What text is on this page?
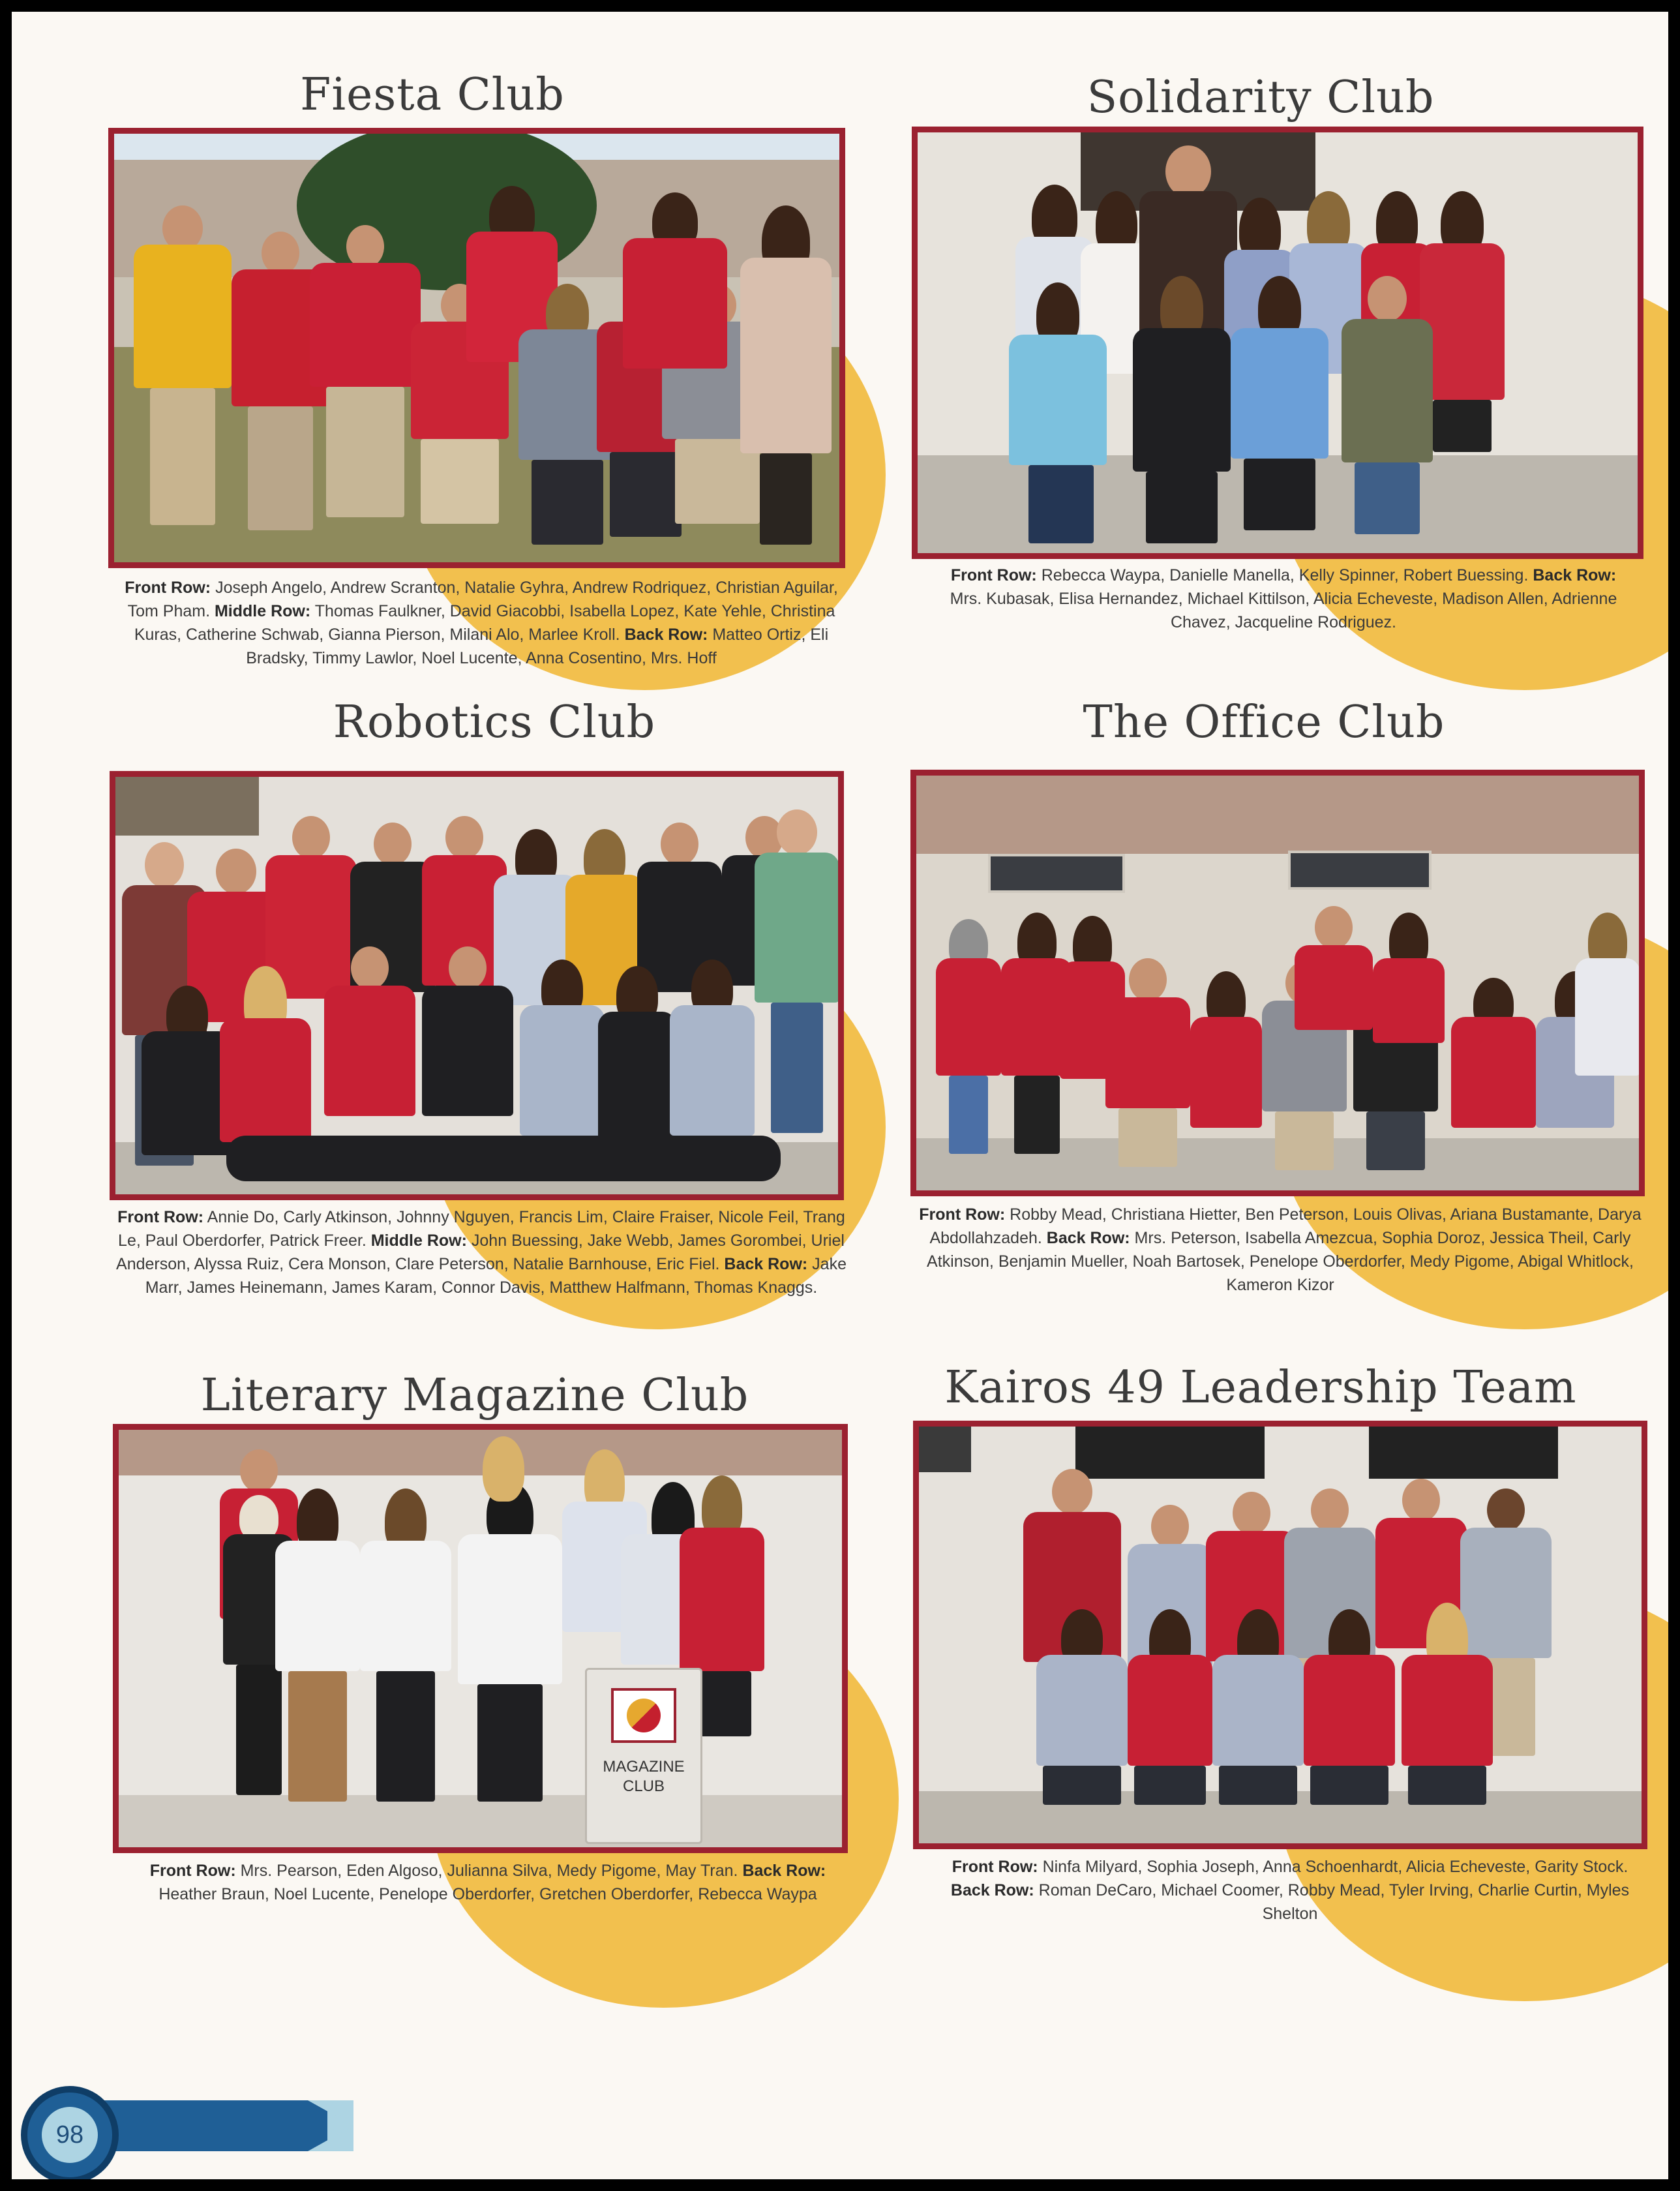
Fiesta Club
Front Row: Joseph Angelo, Andrew Scranton, Natalie Gyhra, Andrew Rodriquez, Christian Aguilar, Tom Pham. Middle Row: Thomas Faulkner, David Giacobbi, Isabella Lopez, Kate Yehle, Christina Kuras, Catherine Schwab, Gianna Pierson, Milani Alo, Marlee Kroll. Back Row: Matteo Ortiz, Eli Bradsky, Timmy Lawlor, Noel Lucente, Anna Cosentino, Mrs. Hoff
Solidarity Club
Front Row: Rebecca Waypa, Danielle Manella, Kelly Spinner, Robert Buessing. Back Row: Mrs. Kubasak, Elisa Hernandez, Michael Kittilson, Alicia Echeveste, Madison Allen, Adrienne Chavez, Jacqueline Rodriguez.
Robotics Club
Front Row: Annie Do, Carly Atkinson, Johnny Nguyen, Francis Lim, Claire Fraiser, Nicole Feil, Trang Le, Paul Oberdorfer, Patrick Freer. Middle Row: John Buessing, Jake Webb, James Gorombei, Uriel Anderson, Alyssa Ruiz, Cera Monson, Clare Peterson, Natalie Barnhouse, Eric Fiel. Back Row: Jake Marr, James Heinemann, James Karam, Connor Davis, Matthew Halfmann, Thomas Knaggs.
The Office Club
Front Row: Robby Mead, Christiana Hietter, Ben Peterson, Louis Olivas, Ariana Bustamante, Darya Abdollahzadeh. Back Row: Mrs. Peterson, Isabella Amezcua, Sophia Doroz, Jessica Theil, Carly Atkinson, Benjamin Mueller, Noah Bartosek, Penelope Oberdorfer, Medy Pigome, Abigal Whitlock, Kameron Kizor
Literary Magazine Club
MAGAZINE
CLUB
Front Row: Mrs. Pearson, Eden Algoso, Julianna Silva, Medy Pigome, May Tran. Back Row: Heather Braun, Noel Lucente, Penelope Oberdorfer, Gretchen Oberdorfer, Rebecca Waypa
Kairos 49 Leadership Team
Front Row: Ninfa Milyard, Sophia Joseph, Anna Schoenhardt, Alicia Echeveste, Garity Stock. Back Row: Roman DeCaro, Michael Coomer, Robby Mead, Tyler Irving, Charlie Curtin, Myles Shelton
98
